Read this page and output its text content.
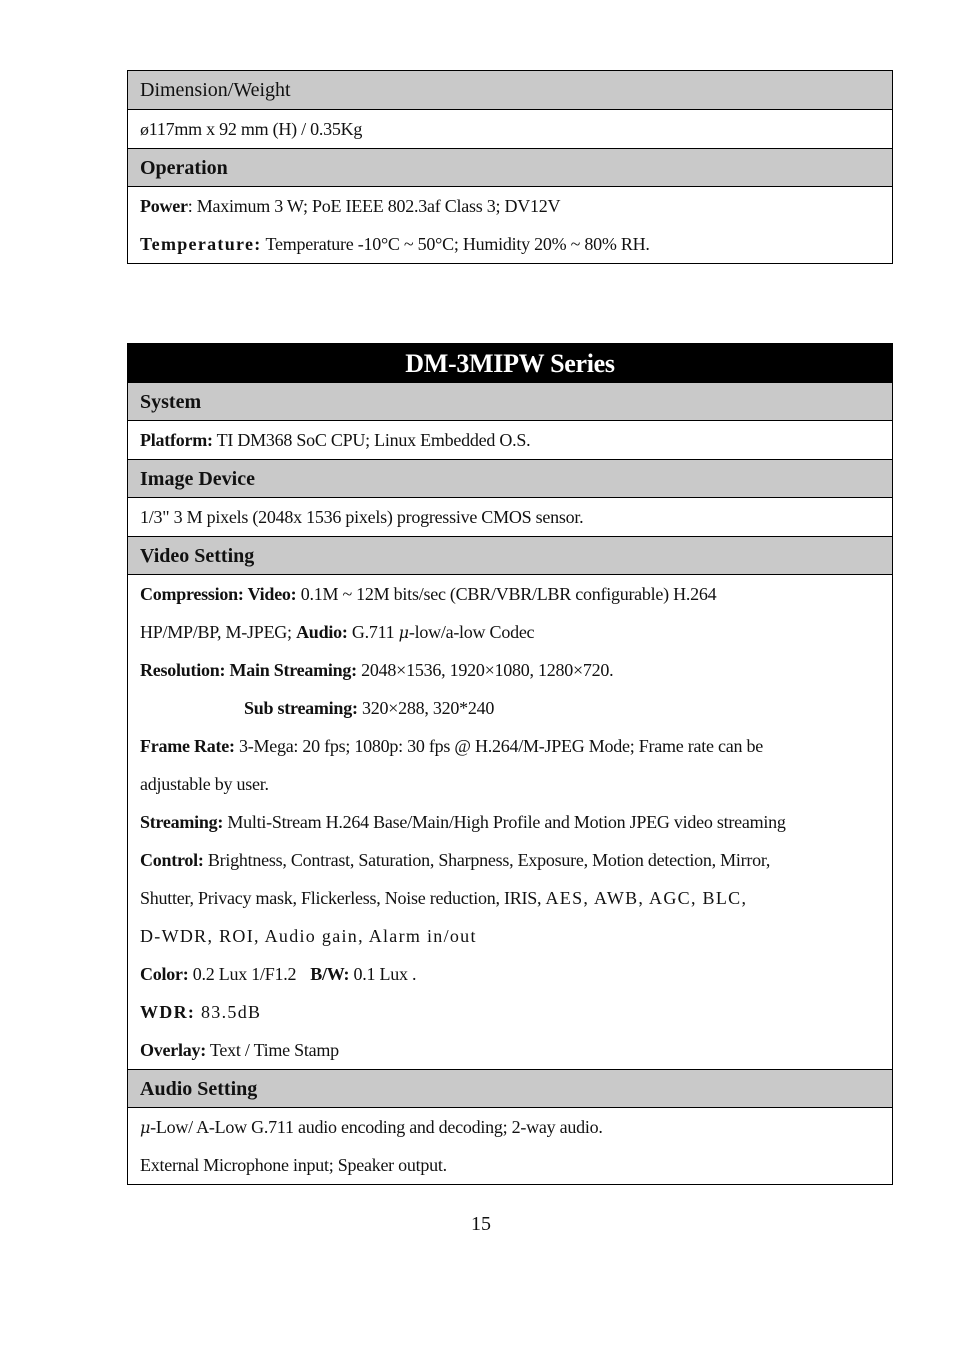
Dimension/Weight
ø117mm x 92 mm (H) / 0.35Kg
Operation
Power: Maximum 3 W; PoE IEEE 802.3af Class 3; DV12V
Temperature: Temperature -10°C ~ 50°C; Humidity 20% ~ 80% RH.
DM-3MIPW Series
System
Platform: TI DM368 SoC CPU; Linux Embedded O.S.
Image Device
1/3" 3 M pixels (2048x 1536 pixels) progressive CMOS sensor.
Video Setting
Compression: Video: 0.1M ~ 12M bits/sec (CBR/VBR/LBR configurable) H.264
HP/MP/BP, M-JPEG; Audio: G.711 μ-low/a-low Codec
Resolution: Main Streaming: 2048×1536, 1920×1080, 1280×720.
Sub streaming: 320×288, 320*240
Frame Rate: 3-Mega: 20 fps; 1080p: 30 fps @ H.264/M-JPEG Mode; Frame rate can be
adjustable by user.
Streaming: Multi-Stream H.264 Base/Main/High Profile and Motion JPEG video streaming
Control: Brightness, Contrast, Saturation, Sharpness, Exposure, Motion detection, Mirror,
Shutter, Privacy mask, Flickerless, Noise reduction, IRIS, AES, AWB, AGC, BLC,
D-WDR, ROI, Audio gain, Alarm in/out
Color: 0.2 Lux 1/F1.2 B/W: 0.1 Lux .
WDR: 83.5dB
Overlay: Text / Time Stamp
Audio Setting
μ-Low/ A-Low G.711 audio encoding and decoding; 2-way audio.
External Microphone input; Speaker output.
15
